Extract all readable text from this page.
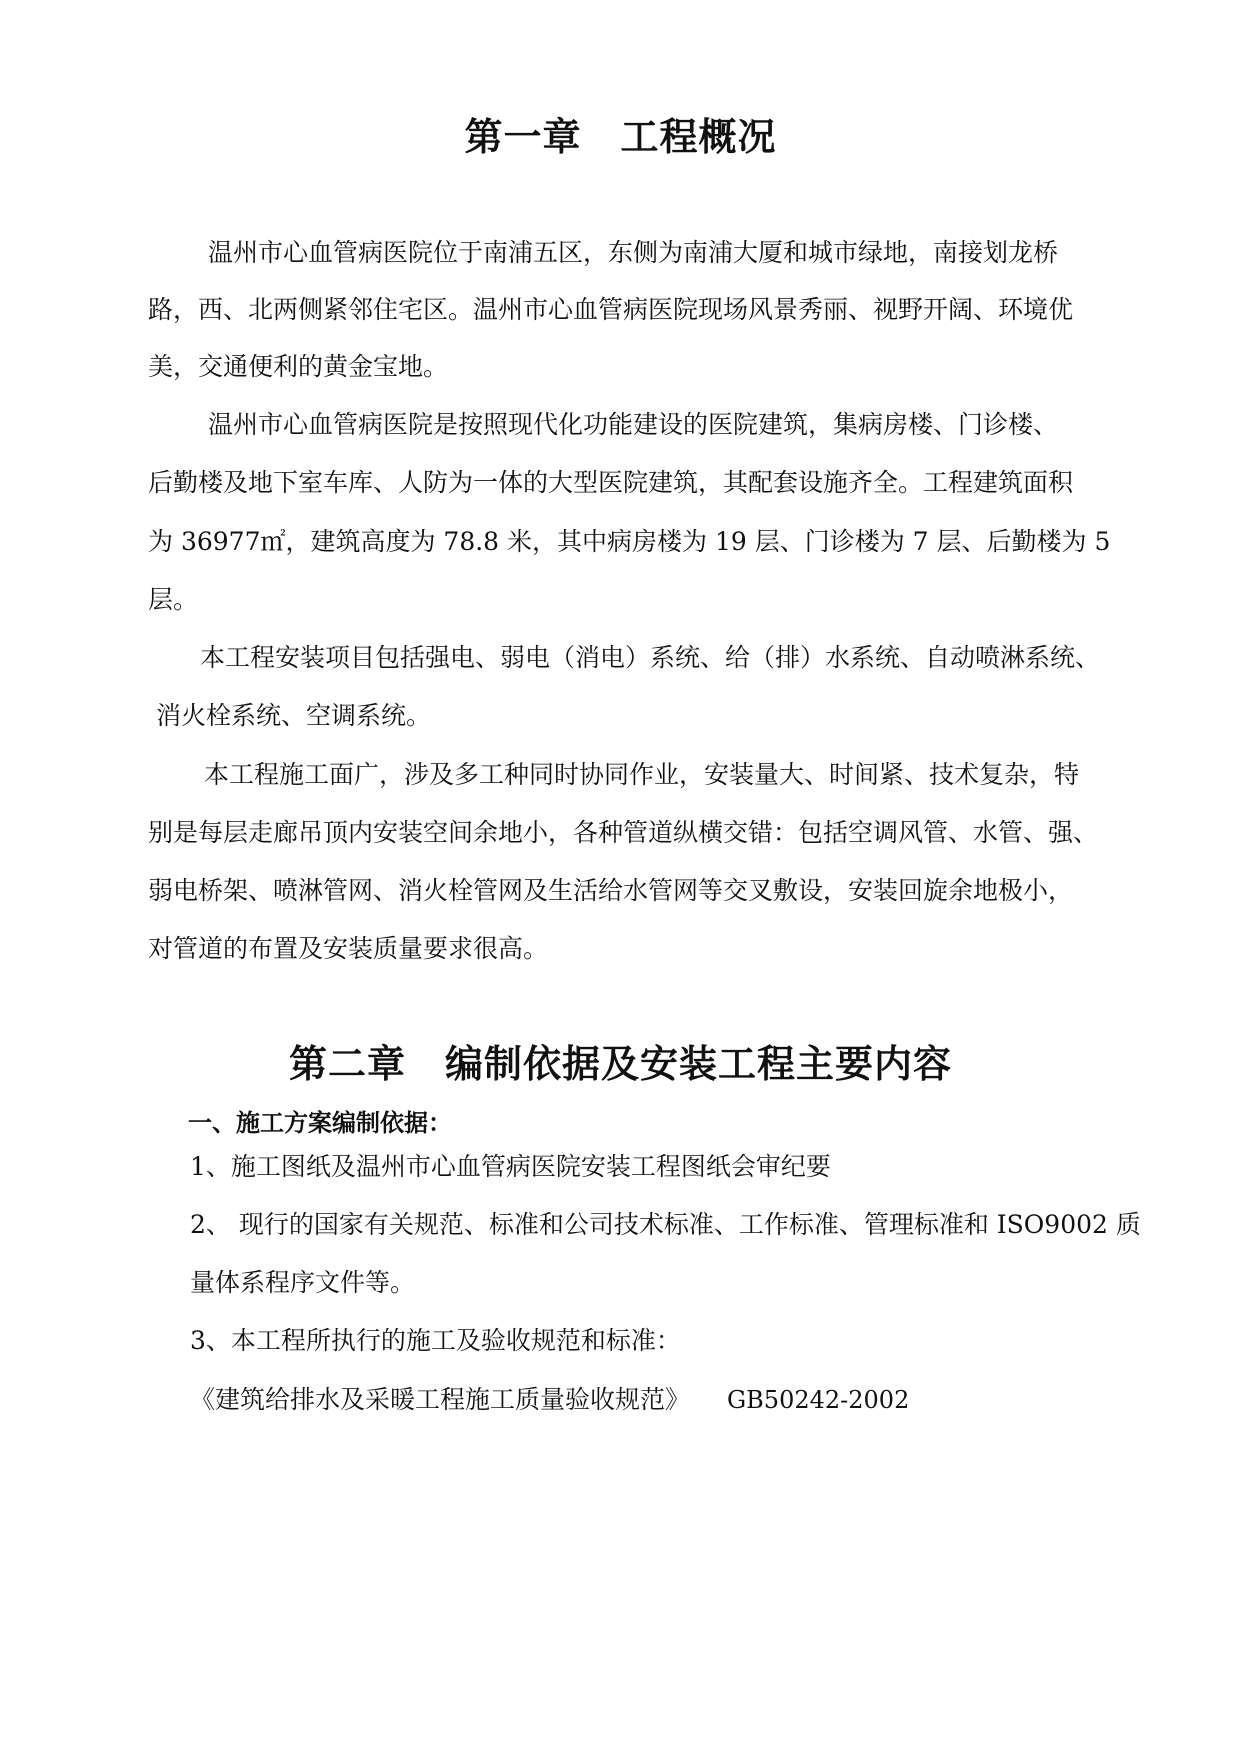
第一章　工程概况
温州市心血管病医院位于南浦五区，东侧为南浦大厦和城市绿地，南接划龙桥
路，西、北两侧紧邻住宅区。温州市心血管病医院现场风景秀丽、视野开阔、环境优
美，交通便利的黄金宝地。
温州市心血管病医院是按照现代化功能建设的医院建筑，集病房楼、门诊楼、
后勤楼及地下室车库、人防为一体的大型医院建筑，其配套设施齐全。工程建筑面积
为 36977㎡，建筑高度为 78.8 米，其中病房楼为 19 层、门诊楼为 7 层、后勤楼为 5
层。
本工程安装项目包括强电、弱电（消电）系统、给（排）水系统、自动喷淋系统、
消火栓系统、空调系统。
本工程施工面广，涉及多工种同时协同作业，安装量大、时间紧、技术复杂，特
别是每层走廊吊顶内安装空间余地小，各种管道纵横交错：包括空调风管、水管、强、
弱电桥架、喷淋管网、消火栓管网及生活给水管网等交叉敷设，安装回旋余地极小，
对管道的布置及安装质量要求很高。
第二章　编制依据及安装工程主要内容
一、施工方案编制依据：
1、施工图纸及温州市心血管病医院安装工程图纸会审纪要
2、 现行的国家有关规范、标准和公司技术标准、工作标准、管理标准和 ISO9002 质
量体系程序文件等。
3、本工程所执行的施工及验收规范和标准：
《建筑给排水及采暖工程施工质量验收规范》 GB50242-2002
